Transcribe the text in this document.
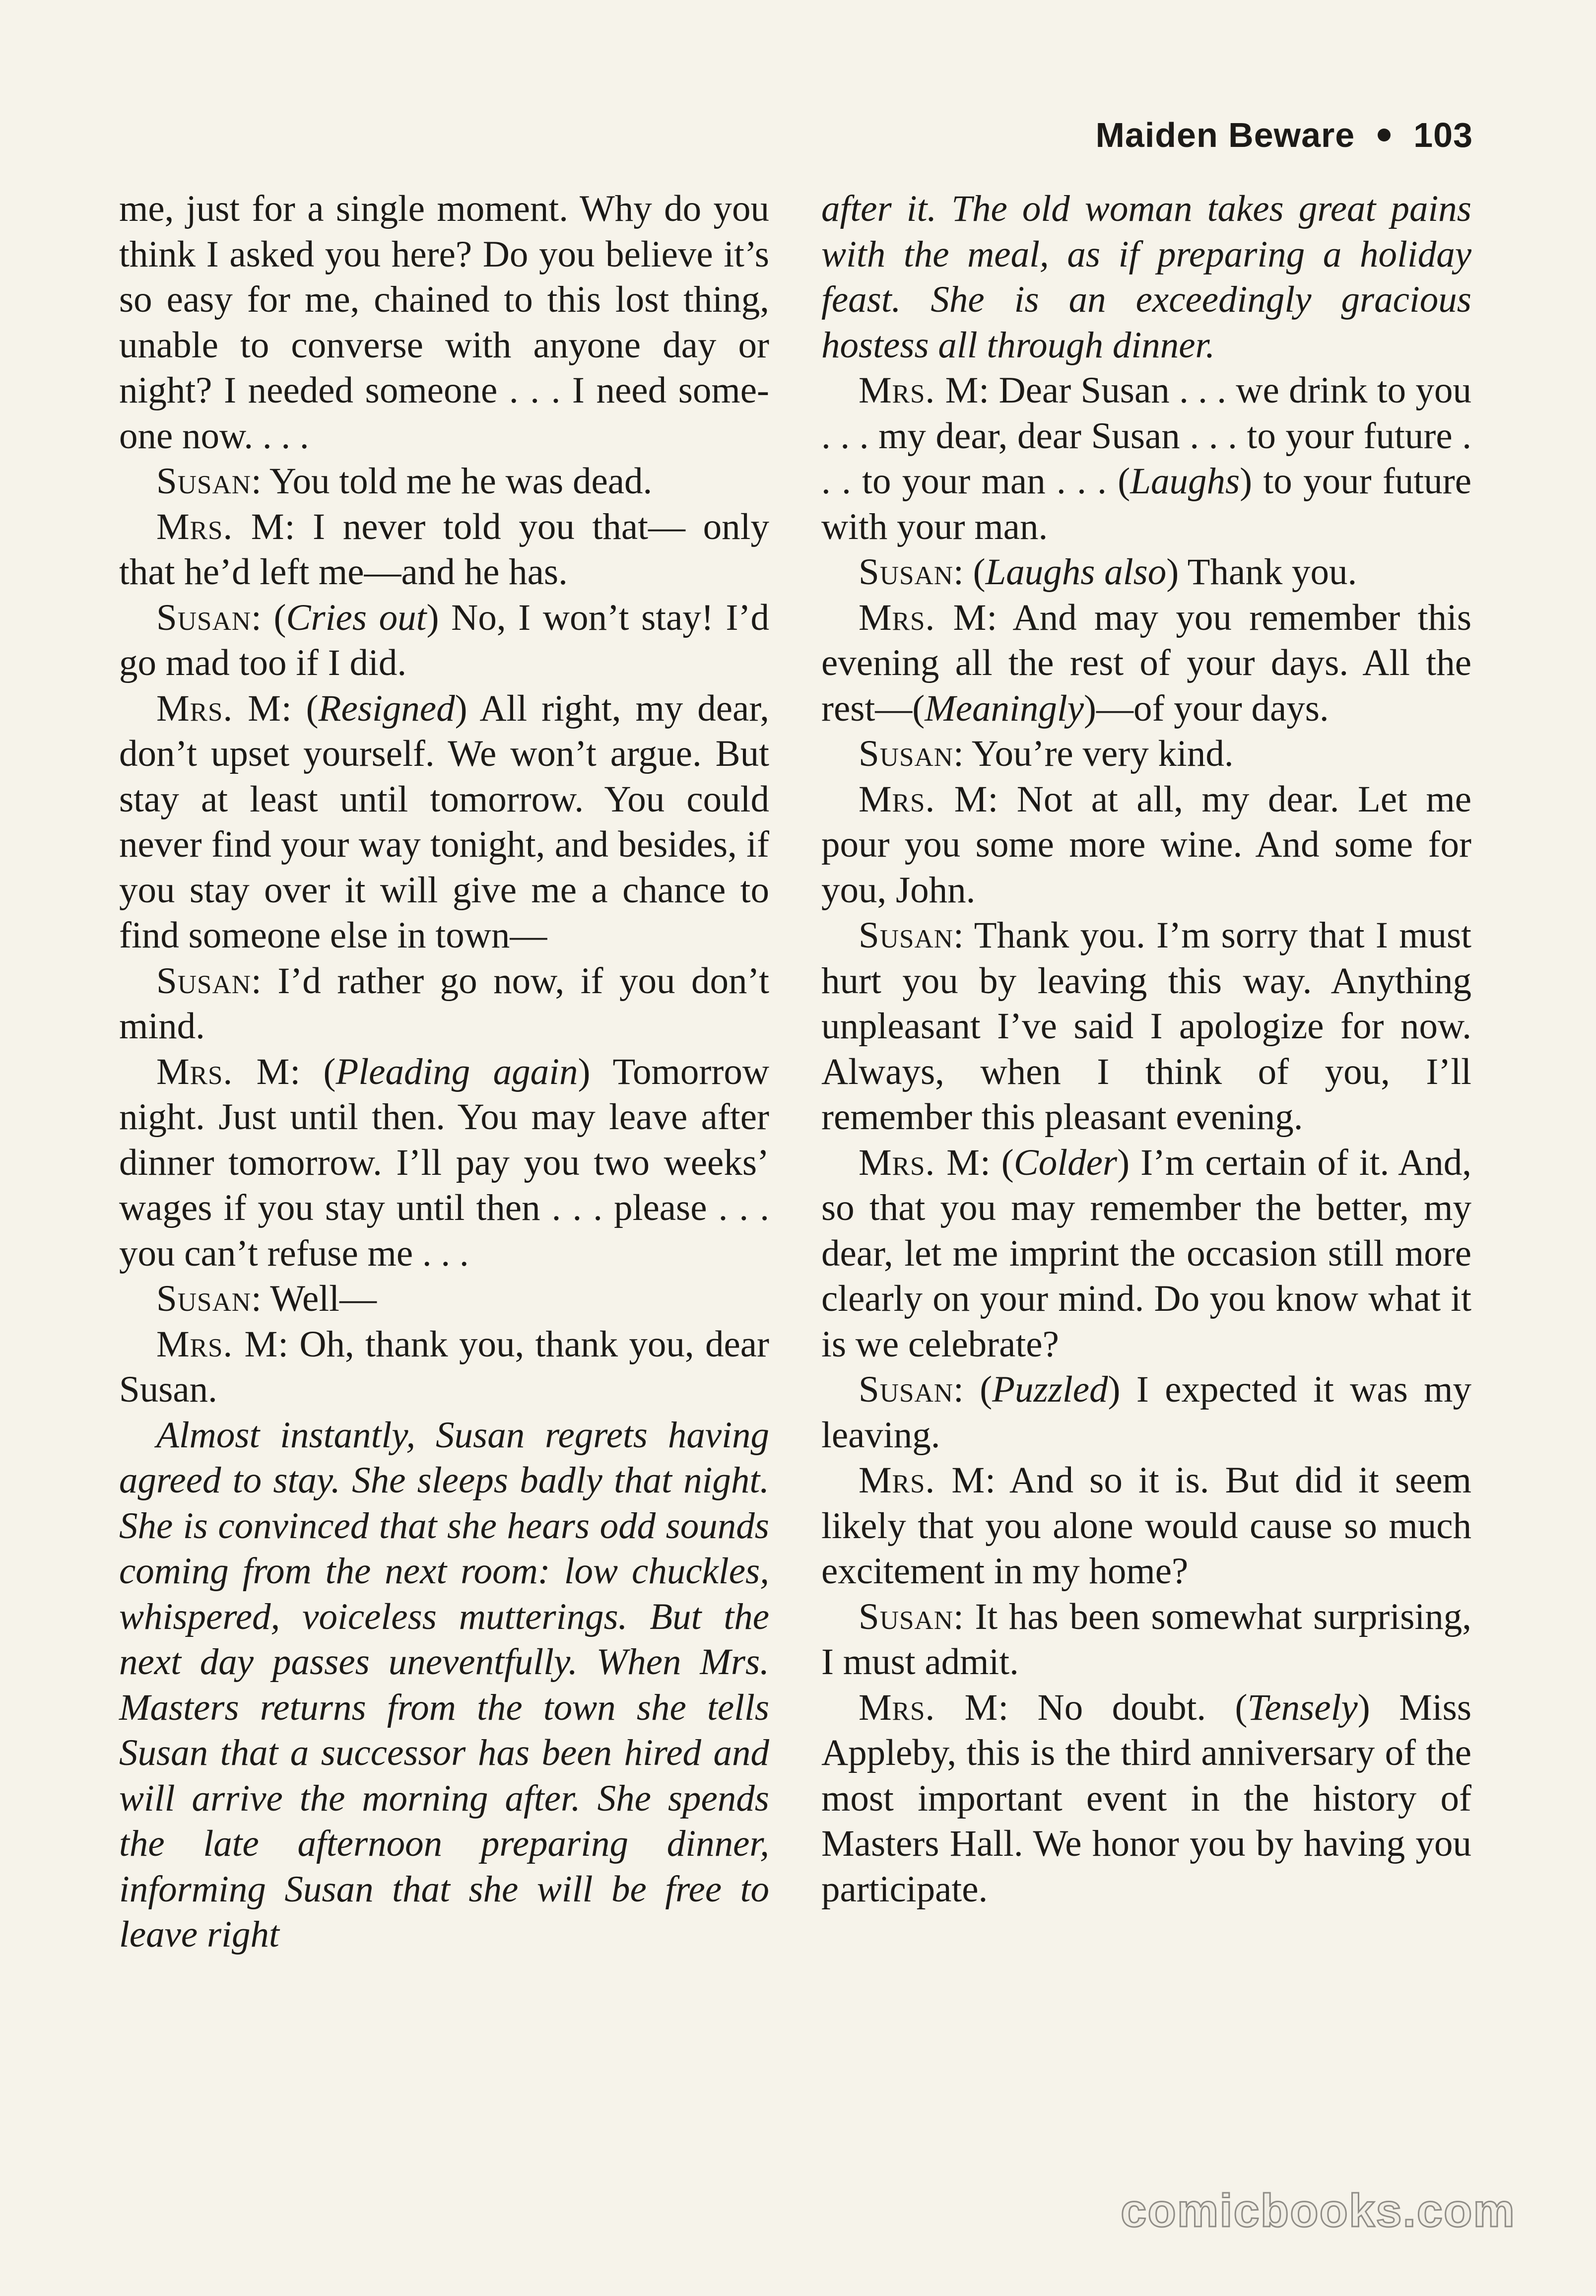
Maiden Beware 103

me, just for a single moment. Why do you think I asked you here? Do you believe it’s so easy for me, chained to this lost thing, unable to converse with anyone day or night? I needed someone . . . I need someone now. . . .

Susan: You told me he was dead.

Mrs. M: I never told you that— only that he’d left me—and he has.

Susan: (Cries out) No, I won’t stay! I’d go mad too if I did.

Mrs. M: (Resigned) All right, my dear, don’t upset yourself. We won’t argue. But stay at least until tomorrow. You could never find your way tonight, and besides, if you stay over it will give me a chance to find someone else in town—

Susan: I’d rather go now, if you don’t mind.

Mrs. M: (Pleading again) Tomorrow night. Just until then. You may leave after dinner tomorrow. I’ll pay you two weeks’ wages if you stay until then . . . please . . . you can’t refuse me . . .

Susan: Well—

Mrs. M: Oh, thank you, thank you, dear Susan.

Almost instantly, Susan regrets having agreed to stay. She sleeps badly that night. She is convinced that she hears odd sounds coming from the next room: low chuckles, whispered, voiceless mutterings. But the next day passes uneventfully. When Mrs. Masters returns from the town she tells Susan that a successor has been hired and will arrive the morning after. She spends the late afternoon preparing dinner, informing Susan that she will be free to leave right

after it. The old woman takes great pains with the meal, as if preparing a holiday feast. She is an exceedingly gracious hostess all through dinner.

Mrs. M: Dear Susan . . . we drink to you . . . my dear, dear Susan . . . to your future . . . to your man . . . (Laughs) to your future with your man.

Susan: (Laughs also) Thank you.

Mrs. M: And may you remember this evening all the rest of your days. All the rest—(Meaningly)—of your days.

Susan: You’re very kind.

Mrs. M: Not at all, my dear. Let me pour you some more wine. And some for you, John.

Susan: Thank you. I’m sorry that I must hurt you by leaving this way. Anything unpleasant I’ve said I apologize for now. Always, when I think of you, I’ll remember this pleasant evening.

Mrs. M: (Colder) I’m certain of it. And, so that you may remember the better, my dear, let me imprint the occasion still more clearly on your mind. Do you know what it is we celebrate?

Susan: (Puzzled) I expected it was my leaving.

Mrs. M: And so it is. But did it seem likely that you alone would cause so much excitement in my home?

Susan: It has been somewhat surprising, I must admit.

Mrs. M: No doubt. (Tensely) Miss Appleby, this is the third anniversary of the most important event in the history of Masters Hall. We honor you by having you participate.

comicbooks.com
